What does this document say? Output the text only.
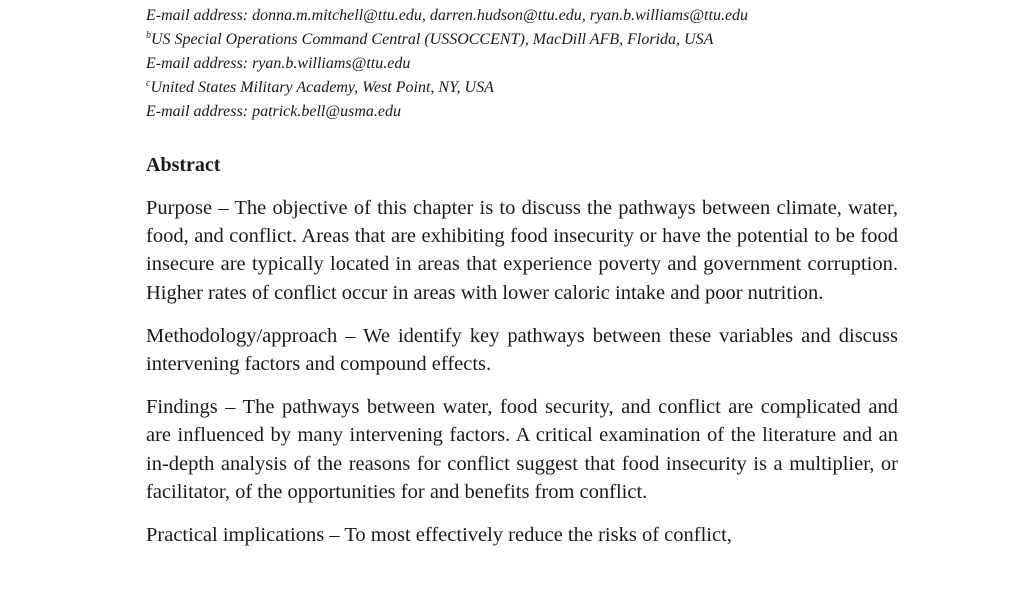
E-mail address: donna.m.mitchell@ttu.edu, darren.hudson@ttu.edu, ryan.b.williams@ttu.edu
$^b$US Special Operations Command Central (USSOCCENT), MacDill AFB, Florida, USA
E-mail address: ryan.b.williams@ttu.edu
$^c$United States Military Academy, West Point, NY, USA
E-mail address: patrick.bell@usma.edu
Abstract

Purpose – The objective of this chapter is to discuss the pathways between climate, water, food, and conflict. Areas that are exhibiting food insecurity or have the potential to be food insecure are typically located in areas that experience poverty and government corruption. Higher rates of conflict occur in areas with lower caloric intake and poor nutrition.

Methodology/approach – We identify key pathways between these variables and discuss intervening factors and compound effects.

Findings – The pathways between water, food security, and conflict are complicated and are influenced by many intervening factors. A critical examination of the literature and an in-depth analysis of the reasons for conflict suggest that food insecurity is a multiplier, or facilitator, of the opportunities for and benefits from conflict.

Practical implications – To most effectively reduce the risks of conflict,
